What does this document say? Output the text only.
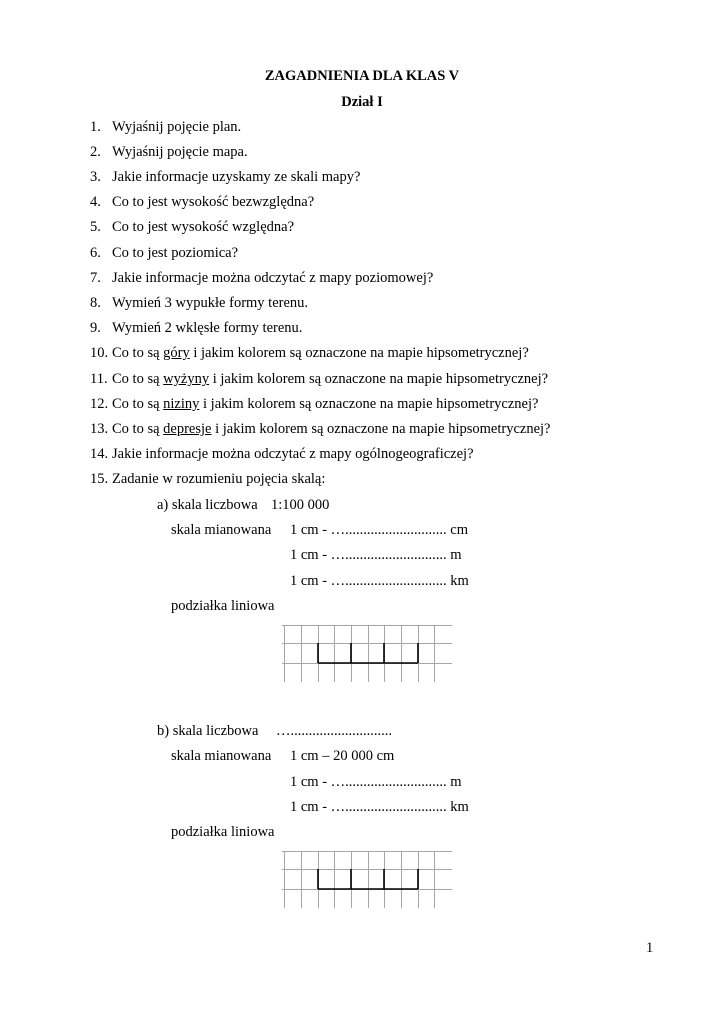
ZAGADNIENIA DLA KLAS V
Dział I
1. Wyjaśnij pojęcie plan.
2. Wyjaśnij pojęcie mapa.
3. Jakie informacje uzyskamy ze skali mapy?
4. Co to jest wysokość bezwzględna?
5. Co to jest wysokość względna?
6. Co to jest poziomica?
7. Jakie informacje można odczytać z mapy poziomowej?
8. Wymień 3 wypukłe formy terenu.
9. Wymień 2 wklęsłe formy terenu.
10. Co to są góry i jakim kolorem są oznaczone na mapie hipsometrycznej?
11. Co to są wyżyny i jakim kolorem są oznaczone na mapie hipsometrycznej?
12. Co to są niziny i jakim kolorem są oznaczone na mapie hipsometrycznej?
13. Co to są depresje i jakim kolorem są oznaczone na mapie hipsometrycznej?
14. Jakie informacje można odczytać z mapy ogólnogeograficzej?
15. Zadanie w rozumieniu pojęcia skalą:
a) skala liczbowa 1:100 000
skala mianowana 1 cm - …............................ cm
1 cm - …............................ m
1 cm - …............................ km
podziałka liniowa
b) skala liczbowa …............................
skala mianowana 1 cm – 20 000 cm
1 cm - …............................ m
1 cm - …............................ km
podziałka liniowa
1
